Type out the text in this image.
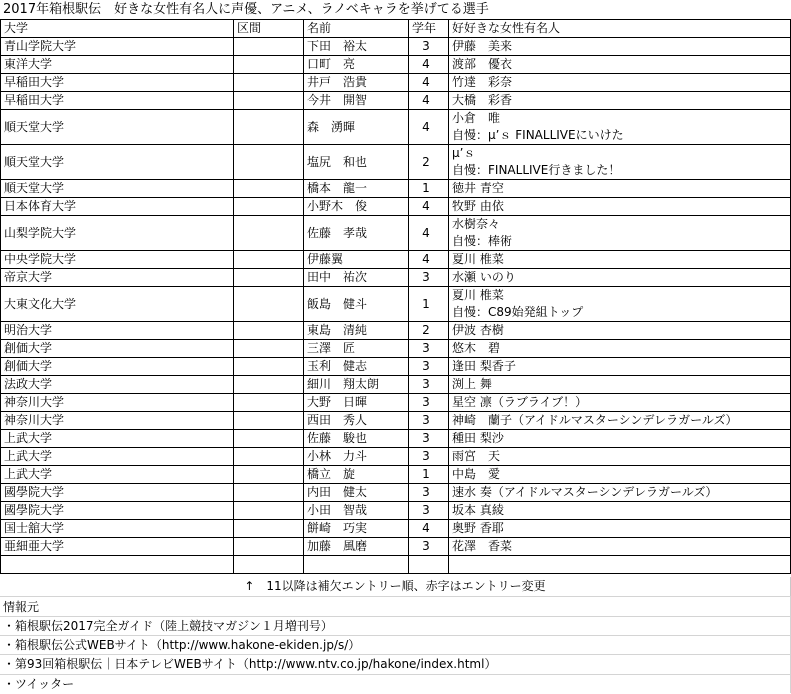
2017年箱根駅伝　好きな女性有名人に声優、アニメ、ラノベキャラを挙げてる選手
大学	区間	名前	学年	好好きな女性有名人
青山学院大学		下田　裕太	3	伊藤　美来

東洋大学		口町　亮	4	渡部　優衣

早稲田大学		井戸　浩貴	4	竹達　彩奈

早稲田大学		今井　開智	4	大橋　彩香

順天堂大学		森　湧暉	4	小倉　唯
自慢：μ’ｓ FINALLIVEにいけた

順天堂大学		塩尻　和也	2	μ’ｓ
自慢：FINALLIVE行きました！

順天堂大学		橋本　龍一	1	徳井 青空

日本体育大学		小野木　俊	4	牧野 由依

山梨学院大学		佐藤　孝哉	4	水樹奈々
自慢：棒術

中央学院大学		伊藤翼	4	夏川 椎菜

帝京大学		田中　祐次	3	水瀬 いのり

大東文化大学		飯島　健斗	1	夏川 椎菜
自慢：C89始発組トップ

明治大学		東島　清純	2	伊波 杏樹

創価大学		三澤　匠	3	悠木　碧

創価大学		玉利　健志	3	逢田 梨香子

法政大学		細川　翔太朗	3	渕上 舞

神奈川大学		大野　日暉	3	星空 凛（ラブライブ！）

神奈川大学		西田　秀人	3	神崎　蘭子（アイドルマスターシンデレラガールズ）

上武大学		佐藤　駿也	3	種田 梨沙

上武大学		小林　力斗	3	雨宮　天

上武大学		橋立　旋	1	中島　愛

國學院大学		内田　健太	3	速水 奏（アイドルマスターシンデレラガールズ）

國學院大学		小田　智哉	3	坂本 真綾

国士舘大学		餅崎　巧実	4	奥野 香耶

亜細亜大学		加藤　風磨	3	花澤　香菜

↑　11以降は補欠エントリー順、赤字はエントリー変更
情報元
・箱根駅伝2017完全ガイド（陸上競技マガジン１月増刊号）
・箱根駅伝公式WEBサイト（http://www.hakone-ekiden.jp/s/）
・第93回箱根駅伝｜日本テレビWEBサイト（http://www.ntv.co.jp/hakone/index.html）
・ツイッター
